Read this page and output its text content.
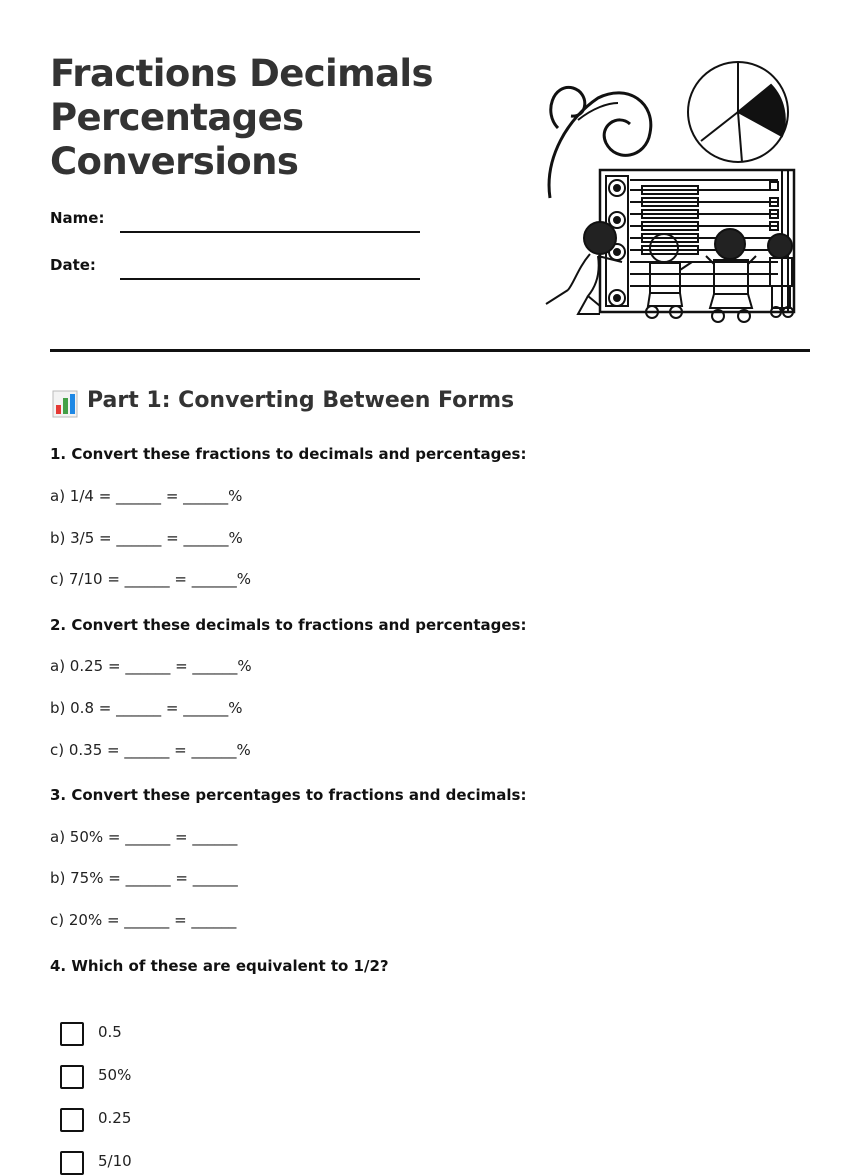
Fractions Decimals
Percentages
Conversions
Name:
Date:
Part 1: Converting Between Forms
1. Convert these fractions to decimals and percentages:
a) 1/4 = ______ = ______%
b) 3/5 = ______ = ______%
c) 7/10 = ______ = ______%
2. Convert these decimals to fractions and percentages:
a) 0.25 = ______ = ______%
b) 0.8 = ______ = ______%
c) 0.35 = ______ = ______%
3. Convert these percentages to fractions and decimals:
a) 50% = ______ = ______
b) 75% = ______ = ______
c) 20% = ______ = ______
4. Which of these are equivalent to 1/2?
0.5
50%
0.25
5/10
